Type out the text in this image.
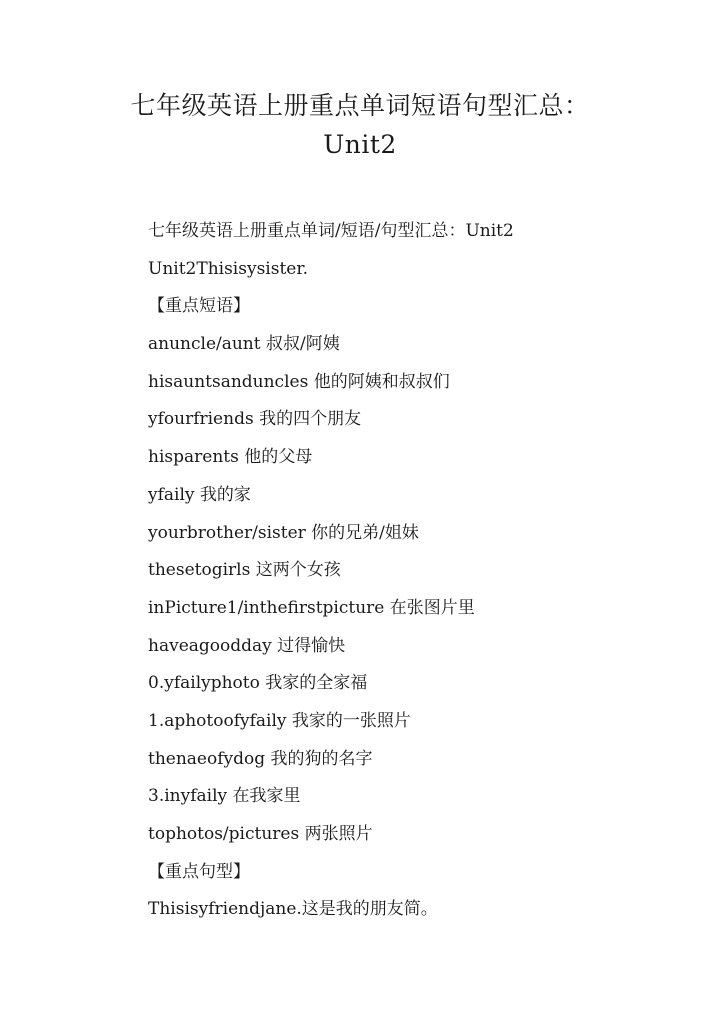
七年级英语上册重点单词短语句型汇总：
Unit2
七年级英语上册重点单词/短语/句型汇总：Unit2
Unit2Thisisysister.
【重点短语】
anuncle/aunt 叔叔/阿姨
hisauntsanduncles 他的阿姨和叔叔们
yfourfriends 我的四个朋友
hisparents 他的父母
yfaily 我的家
yourbrother/sister 你的兄弟/姐妹
thesetogirls 这两个女孩
inPicture1/inthefirstpicture 在张图片里
haveagoodday 过得愉快
0.yfailyphoto 我家的全家福
1.aphotoofyfaily 我家的一张照片
thenaeofydog 我的狗的名字
3.inyfaily 在我家里
tophotos/pictures 两张照片
【重点句型】
Thisisyfriendjane.这是我的朋友简。
